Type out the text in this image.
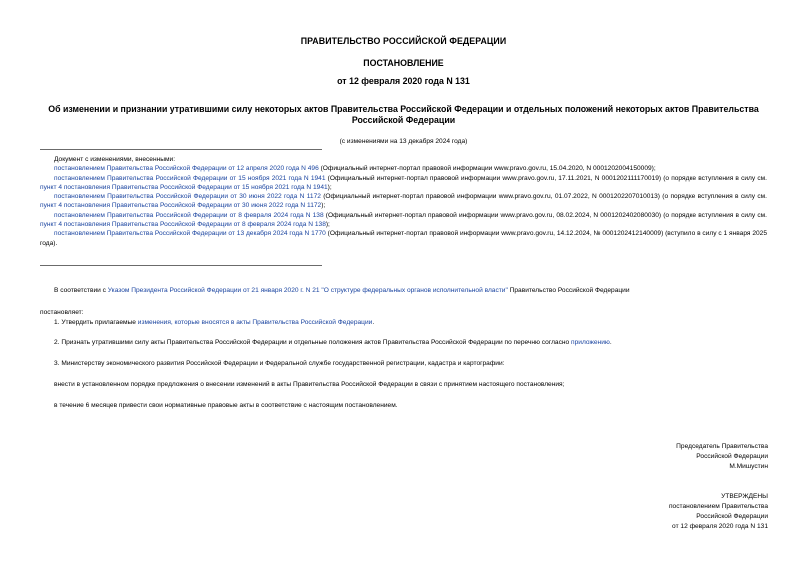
ПРАВИТЕЛЬСТВО РОССИЙСКОЙ ФЕДЕРАЦИИ
ПОСТАНОВЛЕНИЕ
от 12 февраля 2020 года N 131
Об изменении и признании утратившими силу некоторых актов Правительства Российской Федерации и отдельных положений некоторых актов Правительства Российской Федерации
(с изменениями на 13 декабря 2024 года)

Документ с изменениями, внесенными:

постановлением Правительства Российской Федерации от 12 апреля 2020 года N 496 (Официальный интернет-портал правовой информации www.pravo.gov.ru, 15.04.2020, N 0001202004150009);

постановлением Правительства Российской Федерации от 15 ноября 2021 года N 1941 (Официальный интернет-портал правовой информации www.pravo.gov.ru, 17.11.2021, N 0001202111170019) (о порядке вступления в силу см. пункт 4 постановления Правительства Российской Федерации от 15 ноября 2021 года N 1941);

постановлением Правительства Российской Федерации от 30 июня 2022 года N 1172 (Официальный интернет-портал правовой информации www.pravo.gov.ru, 01.07.2022, N 0001202207010013) (о порядке вступления в силу см. пункт 4 постановления Правительства Российской Федерации от 30 июня 2022 года N 1172);

постановлением Правительства Российской Федерации от 8 февраля 2024 года N 138 (Официальный интернет-портал правовой информации www.pravo.gov.ru, 08.02.2024, N 0001202402080030) (о порядке вступления в силу см. пункт 4 постановления Правительства Российской Федерации от 8 февраля 2024 года N 138);

постановлением Правительства Российской Федерации от 13 декабря 2024 года N 1770 (Официальный интернет-портал правовой информации www.pravo.gov.ru, 14.12.2024, № 0001202412140009) (вступило в силу с 1 января 2025 года).

В соответствии с Указом Президента Российской Федерации от 21 января 2020 г. N 21 "О структуре федеральных органов исполнительной власти" Правительство Российской Федерации
постановляет:
1. Утвердить прилагаемые изменения, которые вносятся в акты Правительства Российской Федерации.
2. Признать утратившими силу акты Правительства Российской Федерации и отдельные положения актов Правительства Российской Федерации по перечню согласно приложению.
3. Министерству экономического развития Российской Федерации и Федеральной службе государственной регистрации, кадастра и картографии:
внести в установленном порядке предложения о внесении изменений в акты Правительства Российской Федерации в связи с принятием настоящего постановления;
в течение 6 месяцев привести свои нормативные правовые акты в соответствие с настоящим постановлением.
Председатель Правительства
Российской Федерации
М.Мишустин
УТВЕРЖДЕНЫ
постановлением Правительства
Российской Федерации
от 12 февраля 2020 года N 131
